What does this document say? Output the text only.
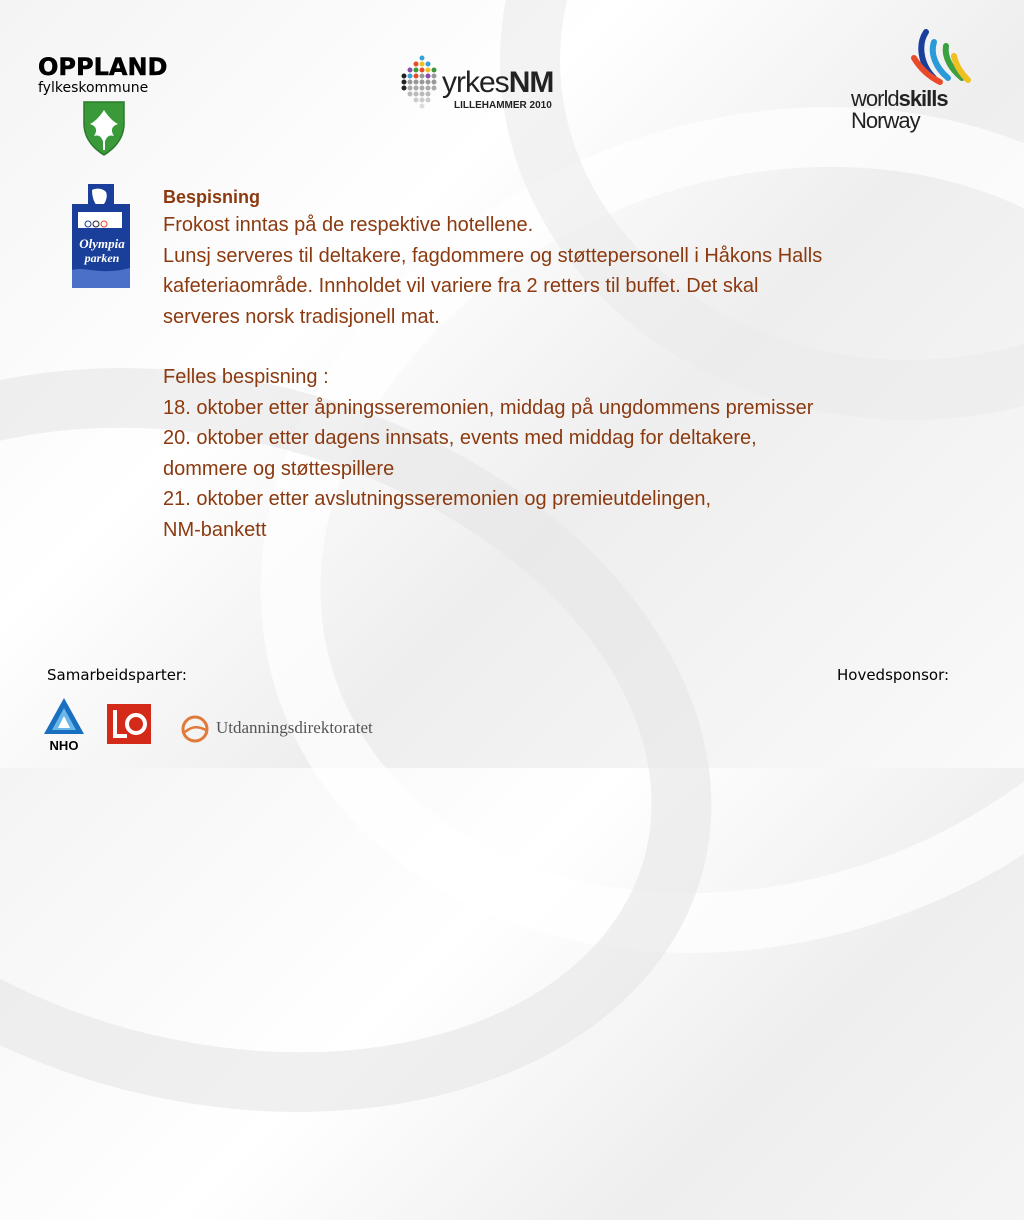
OPPLAND
fylkeskommune	yrkesNM
LILLEHAMMER 2010	worldskills
Norway
Olympia
parken

Bespisning

Frokost inntas på de respektive hotellene.

Lunsj serveres til deltakere, fagdommere og støttepersonell i Håkons Halls

kafeteriaområde. Innholdet vil variere fra 2 retters til buffet. Det skal

serveres norsk tradisjonell mat.

Felles bespisning :

18. oktober etter åpningsseremonien, middag på ungdommens premisser

20. oktober etter dagens innsats, events med middag for deltakere,

dommere og støttespillere

21. oktober etter avslutningsseremonien og premieutdelingen,

NM-bankett

Samarbeidsparter:	Hovedsponsor:
NHO
Utdanningsdirektoratet
